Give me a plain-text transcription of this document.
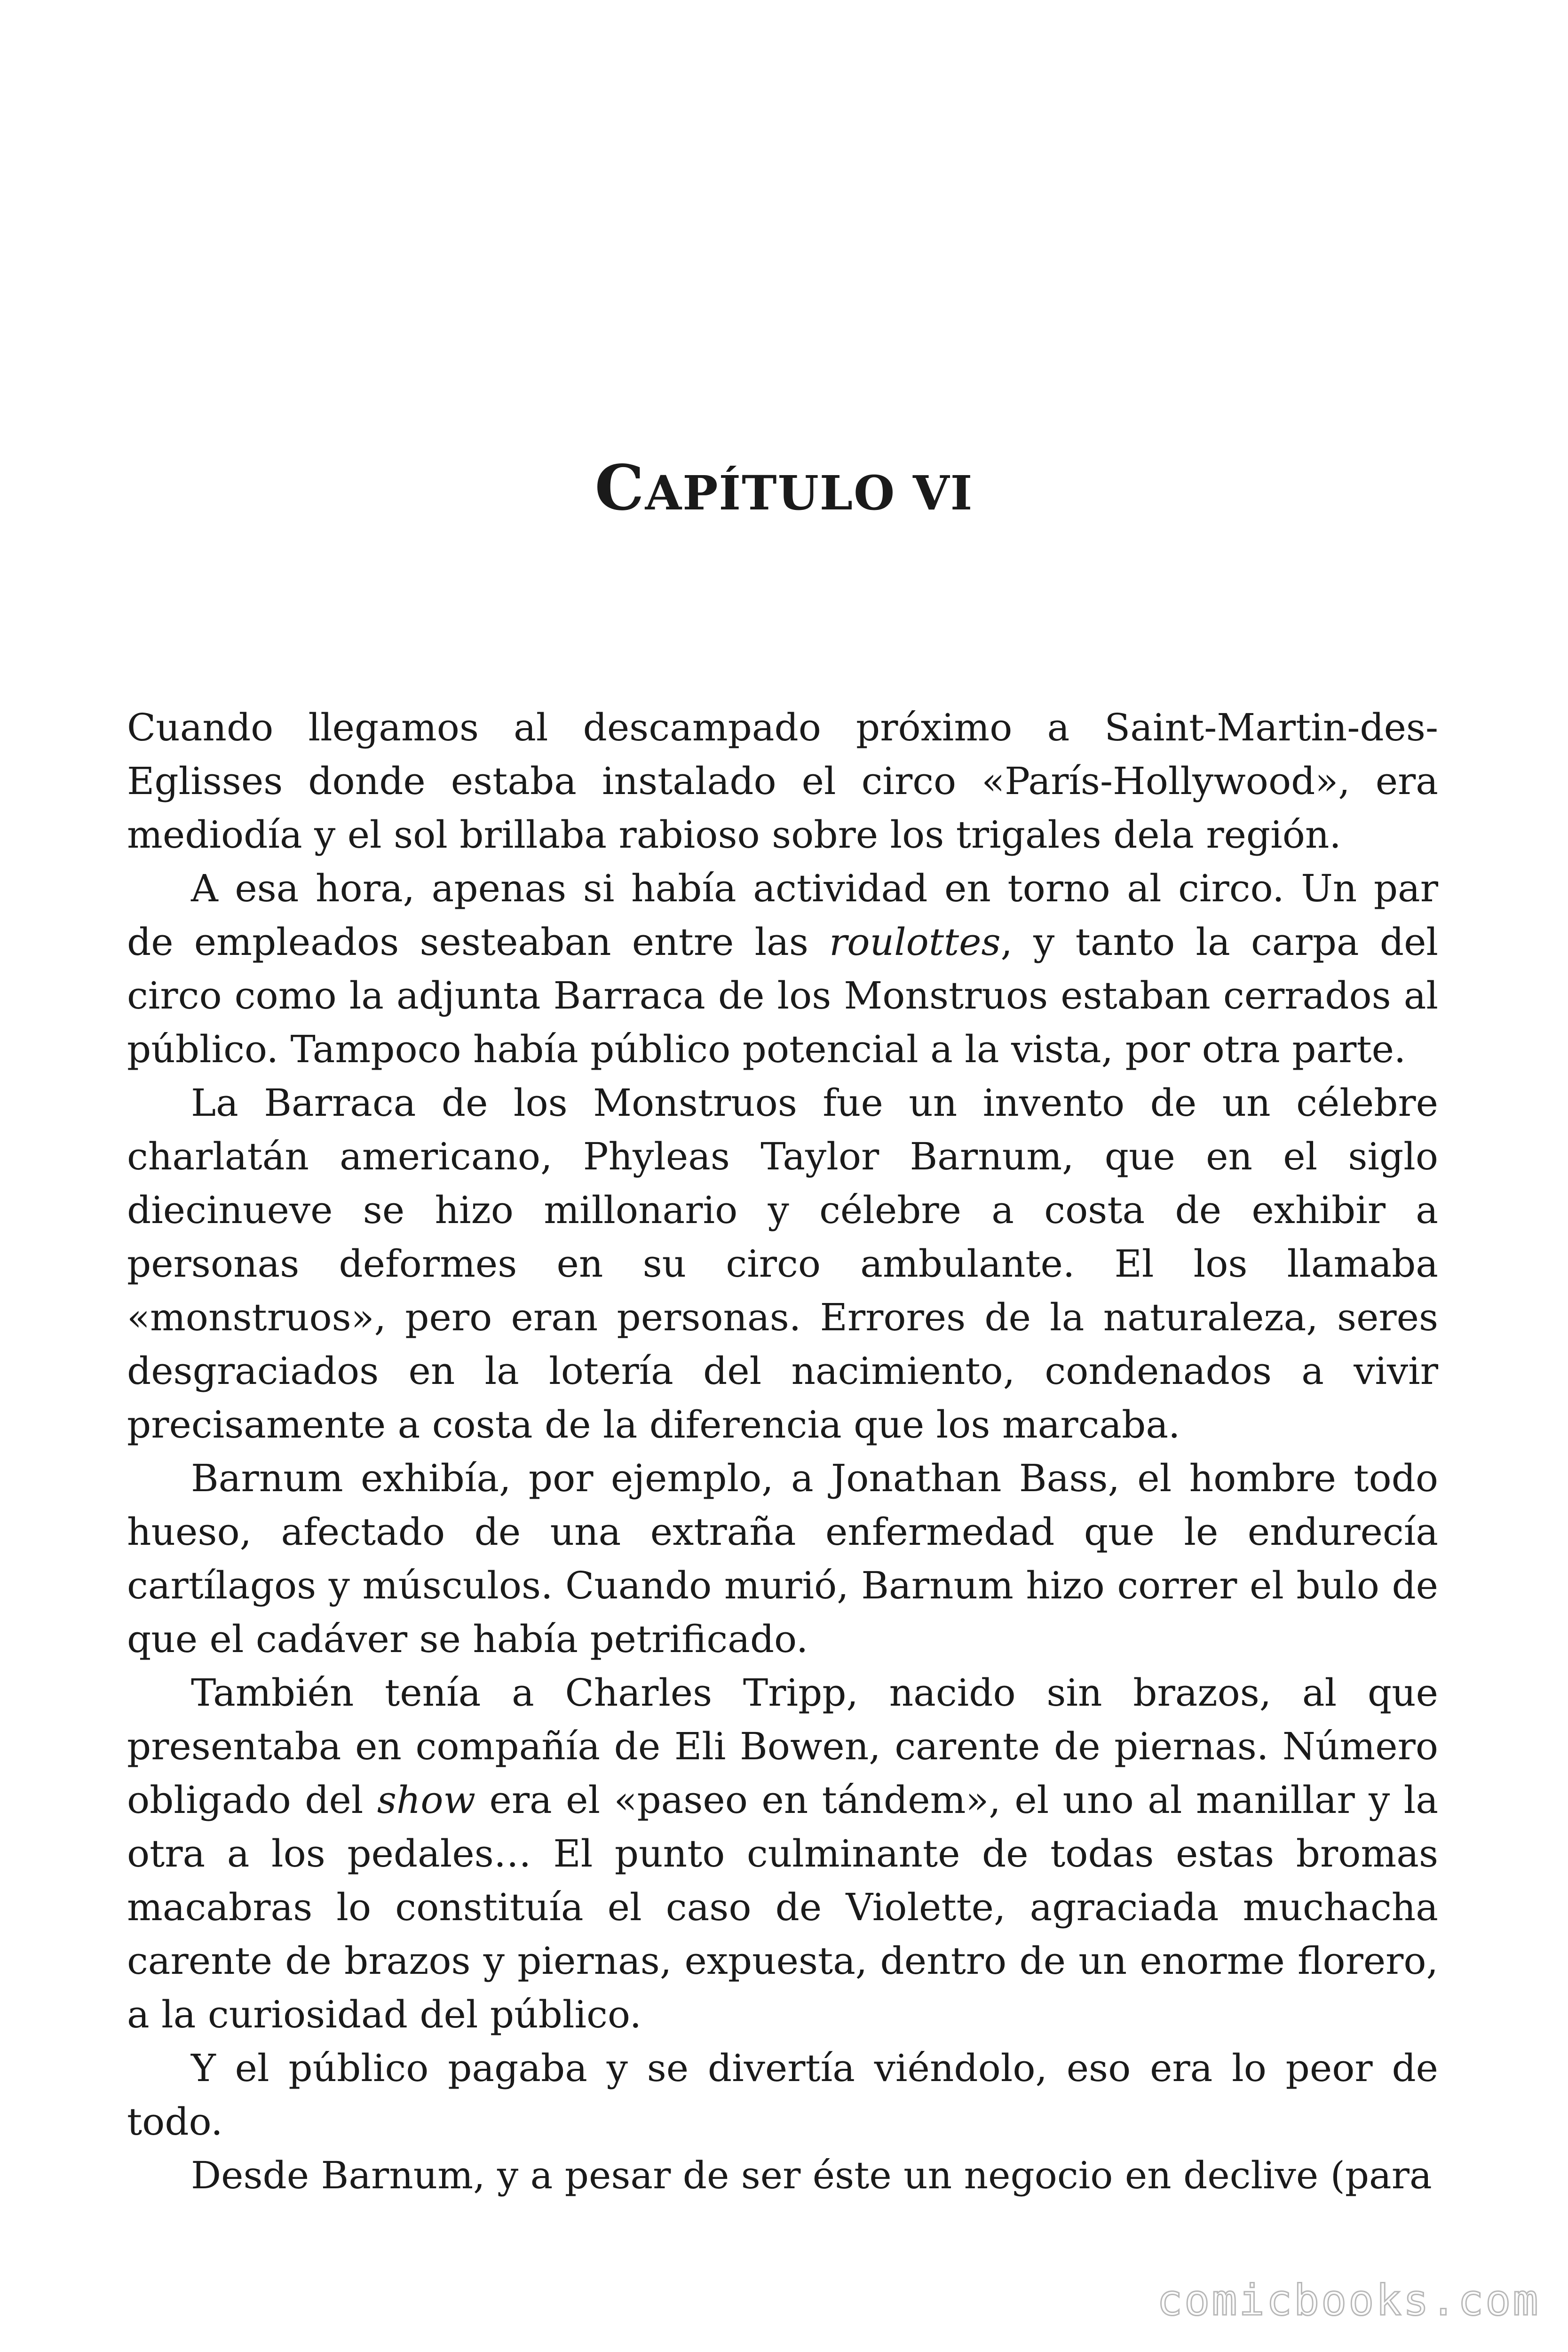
CAPÍTULO VI

Cuando llegamos al descampado próximo a Saint-Martin-des-Eglisses donde estaba instalado el circo «París-Hollywood», era mediodía y el sol brillaba rabioso sobre los trigales dela región.

A esa hora, apenas si había actividad en torno al circo. Un par de empleados sesteaban entre las roulottes, y tanto la carpa del circo como la adjunta Barraca de los Monstruos estaban cerrados al público. Tampoco había público potencial a la vista, por otra parte.

La Barraca de los Monstruos fue un invento de un célebre charlatán americano, Phyleas Taylor Barnum, que en el siglo diecinueve se hizo millonario y célebre a costa de exhibir a personas deformes en su circo ambulante. El los llamaba «monstruos», pero eran personas. Errores de la naturaleza, seres desgraciados en la lotería del nacimiento, condenados a vivir precisamente a costa de la diferencia que los marcaba.

Barnum exhibía, por ejemplo, a Jonathan Bass, el hombre todo hueso, afectado de una extraña enfermedad que le endurecía cartílagos y músculos. Cuando murió, Barnum hizo correr el bulo de que el cadáver se había petrificado.

También tenía a Charles Tripp, nacido sin brazos, al que presentaba en compañía de Eli Bowen, carente de piernas. Número obligado del show era el «paseo en tándem», el uno al manillar y la otra a los pedales… El punto culminante de todas estas bromas macabras lo constituía el caso de Violette, agraciada muchacha carente de brazos y piernas, expuesta, dentro de un enorme florero, a la curiosidad del público.

Y el público pagaba y se divertía viéndolo, eso era lo peor de todo.

Desde Barnum, y a pesar de ser éste un negocio en declive (para

comicbooks.com
